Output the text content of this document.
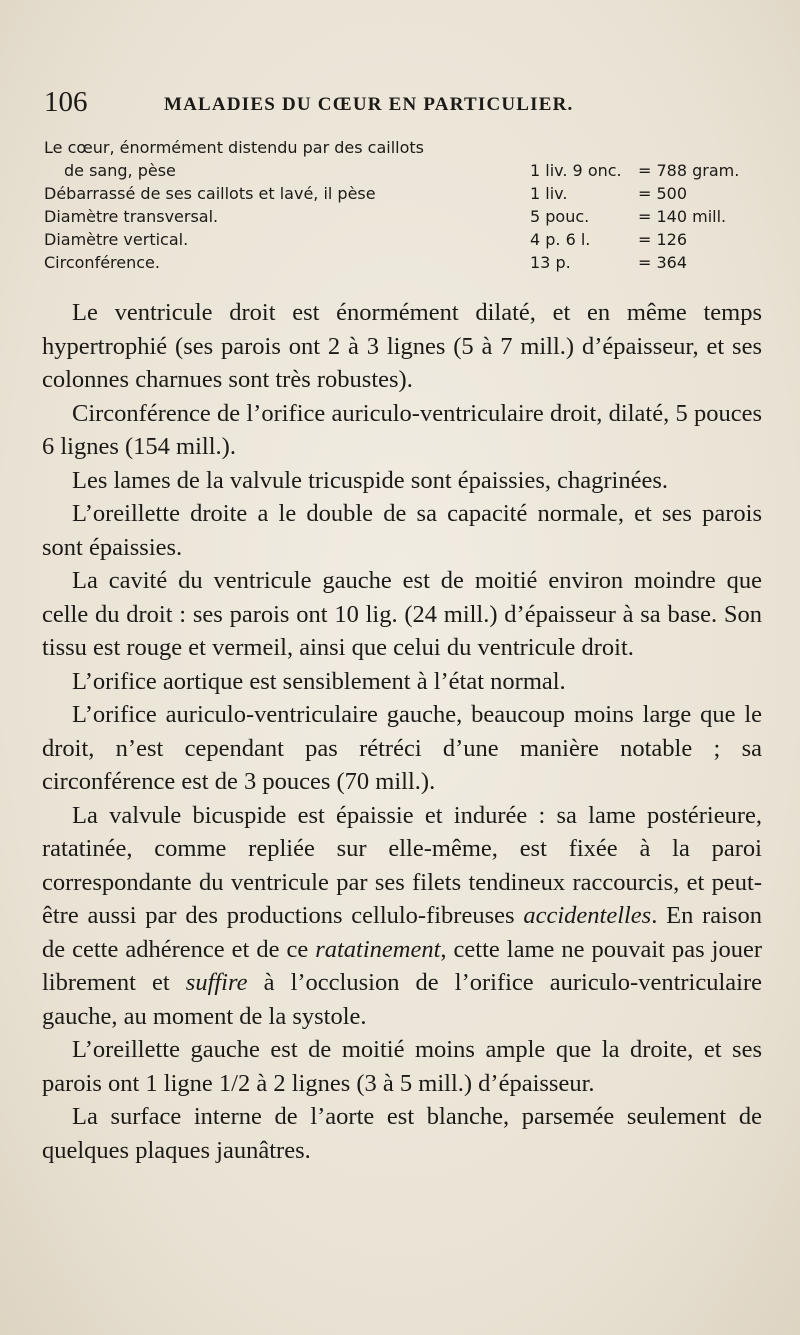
106	MALADIES DU CŒUR EN PARTICULIER.
Le cœur, énormément distendu par des caillots
de sang, pèse	1 liv. 9 onc. = 788 gram.
Débarrassé de ses caillots et lavé, il pèse	1 liv.	= 500
Diamètre transversal.	5 pouc.	= 140 mill.
Diamètre vertical.	4 p. 6 l.	= 126
Circonférence.	13 p.	= 364

Le ventricule droit est énormément dilaté, et en même temps hypertrophié (ses parois ont 2 à 3 lignes (5 à 7 mill.) d’épaisseur, et ses colonnes charnues sont très robustes).

Circonférence de l’orifice auriculo-ventriculaire droit, dilaté, 5 pouces 6 lignes (154 mill.).

Les lames de la valvule tricuspide sont épaissies, chagrinées.

L’oreillette droite a le double de sa capacité normale, et ses parois sont épaissies.

La cavité du ventricule gauche est de moitié environ moindre que celle du droit : ses parois ont 10 lig. (24 mill.) d’épaisseur à sa base. Son tissu est rouge et vermeil, ainsi que celui du ventricule droit.

L’orifice aortique est sensiblement à l’état normal.

L’orifice auriculo-ventriculaire gauche, beaucoup moins large que le droit, n’est cependant pas rétréci d’une manière notable ; sa circonférence est de 3 pouces (70 mill.).

La valvule bicuspide est épaissie et indurée : sa lame postérieure, ratatinée, comme repliée sur elle-même, est fixée à la paroi correspondante du ventricule par ses filets tendineux raccourcis, et peut-être aussi par des productions cellulo-fibreuses accidentelles. En raison de cette adhérence et de ce ratatinement, cette lame ne pouvait pas jouer librement et suffire à l’occlusion de l’orifice auriculo-ventriculaire gauche, au moment de la systole.

L’oreillette gauche est de moitié moins ample que la droite, et ses parois ont 1 ligne 1/2 à 2 lignes (3 à 5 mill.) d’épaisseur.

La surface interne de l’aorte est blanche, parsemée seulement de quelques plaques jaunâtres.
